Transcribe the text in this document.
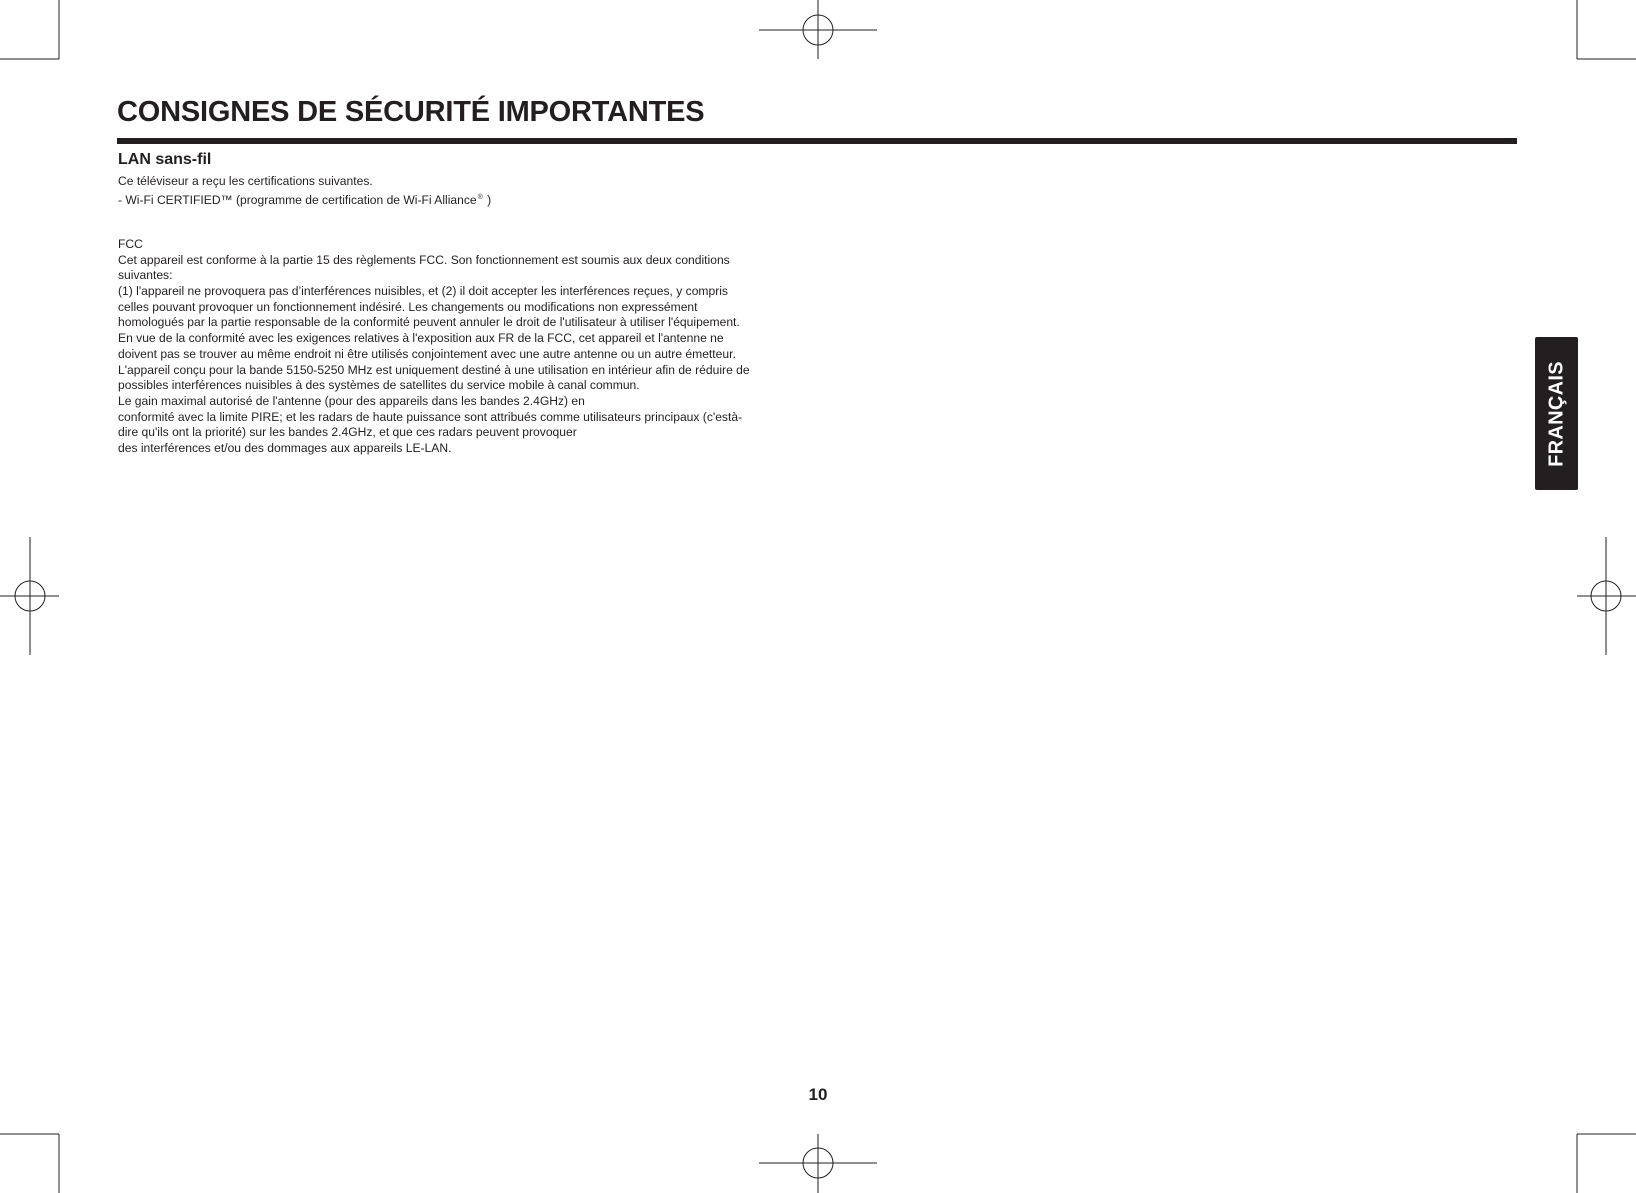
CONSIGNES DE SÉCURITÉ IMPORTANTES
LAN sans-fil
Ce téléviseur a reçu les certifications suivantes.
- Wi-Fi CERTIFIED™ (programme de certification de Wi-Fi Alliance® )
FCC
Cet appareil est conforme à la partie 15 des règlements FCC. Son fonctionnement est soumis aux deux conditions
suivantes:
(1) l'appareil ne provoquera pas d’interférences nuisibles, et (2) il doit accepter les interférences reçues, y compris
celles pouvant provoquer un fonctionnement indésiré. Les changements ou modifications non expressément
homologués par la partie responsable de la conformité peuvent annuler le droit de l'utilisateur à utiliser l'équipement.
En vue de la conformité avec les exigences relatives à l'exposition aux FR de la FCC, cet appareil et l'antenne ne
doivent pas se trouver au même endroit ni être utilisés conjointement avec une autre antenne ou un autre émetteur.
L'appareil conçu pour la bande 5150-5250 MHz est uniquement destiné à une utilisation en intérieur afin de réduire de
possibles interférences nuisibles à des systèmes de satellites du service mobile à canal commun.
Le gain maximal autorisé de l'antenne (pour des appareils dans les bandes 2.4GHz) en
conformité avec la limite PIRE; et les radars de haute puissance sont attribués comme utilisateurs principaux (c'està-
dire qu'ils ont la priorité) sur les bandes 2.4GHz, et que ces radars peuvent provoquer
des interférences et/ou des dommages aux appareils LE-LAN.	FRANÇAIS
10
